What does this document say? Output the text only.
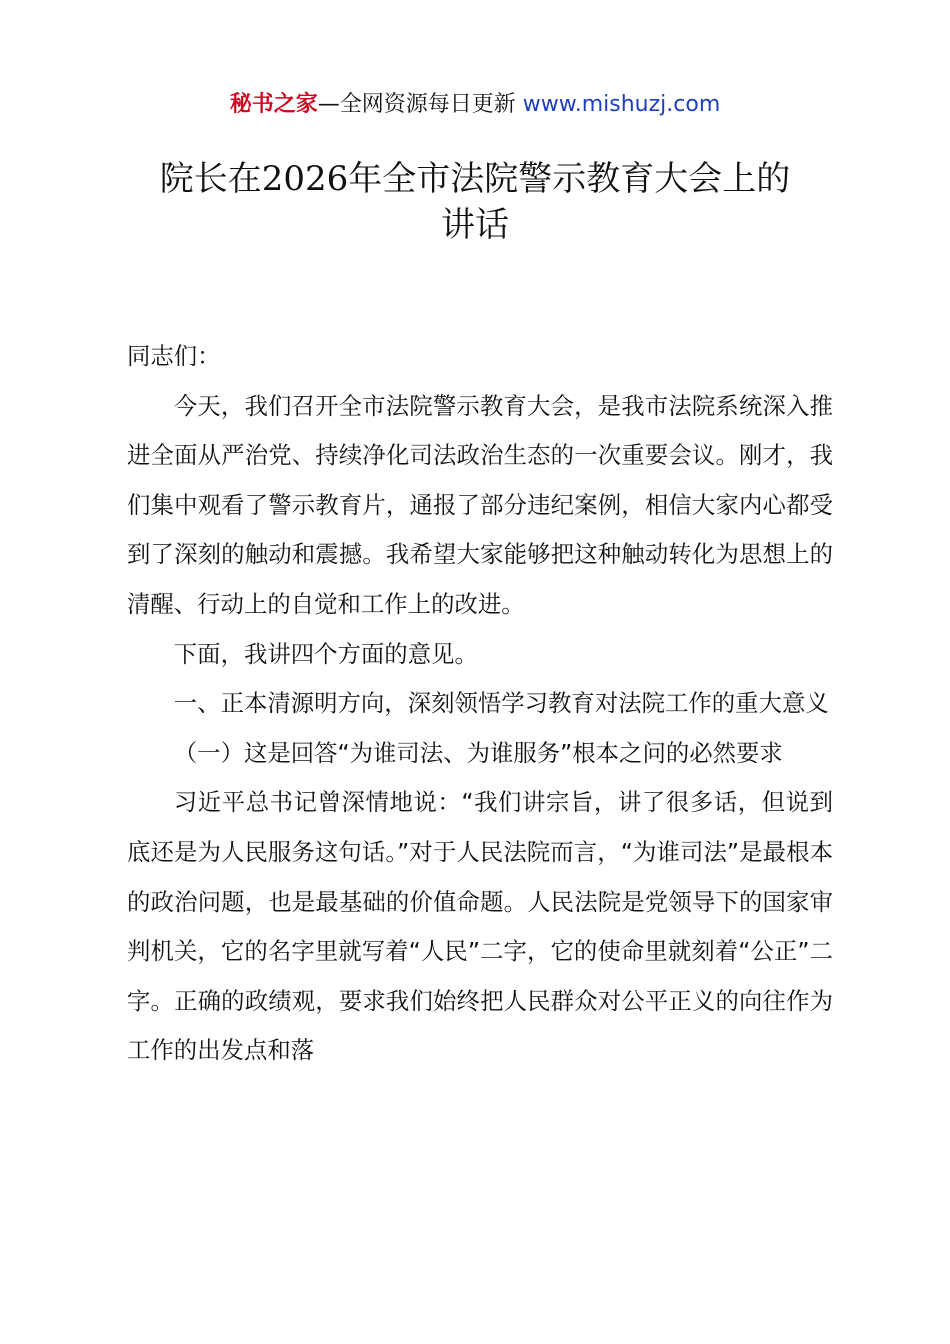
秘书之家—全网资源每日更新 www.mishuzj.com
院长在2026年全市法院警示教育大会上的
讲话

同志们：

今天，我们召开全市法院警示教育大会，是我市法院系统深入推进全面从严治党、持续净化司法政治生态的一次重要会议。刚才，我们集中观看了警示教育片，通报了部分违纪案例，相信大家内心都受到了深刻的触动和震撼。我希望大家能够把这种触动转化为思想上的清醒、行动上的自觉和工作上的改进。

下面，我讲四个方面的意见。

一、正本清源明方向，深刻领悟学习教育对法院工作的重大意义

（一）这是回答“为谁司法、为谁服务”根本之问的必然要求

习近平总书记曾深情地说：“我们讲宗旨，讲了很多话，但说到底还是为人民服务这句话。”对于人民法院而言，“为谁司法”是最根本的政治问题，也是最基础的价值命题。人民法院是党领导下的国家审判机关，它的名字里就写着“人民”二字，它的使命里就刻着“公正”二字。正确的政绩观，要求我们始终把人民群众对公平正义的向往作为工作的出发点和落
